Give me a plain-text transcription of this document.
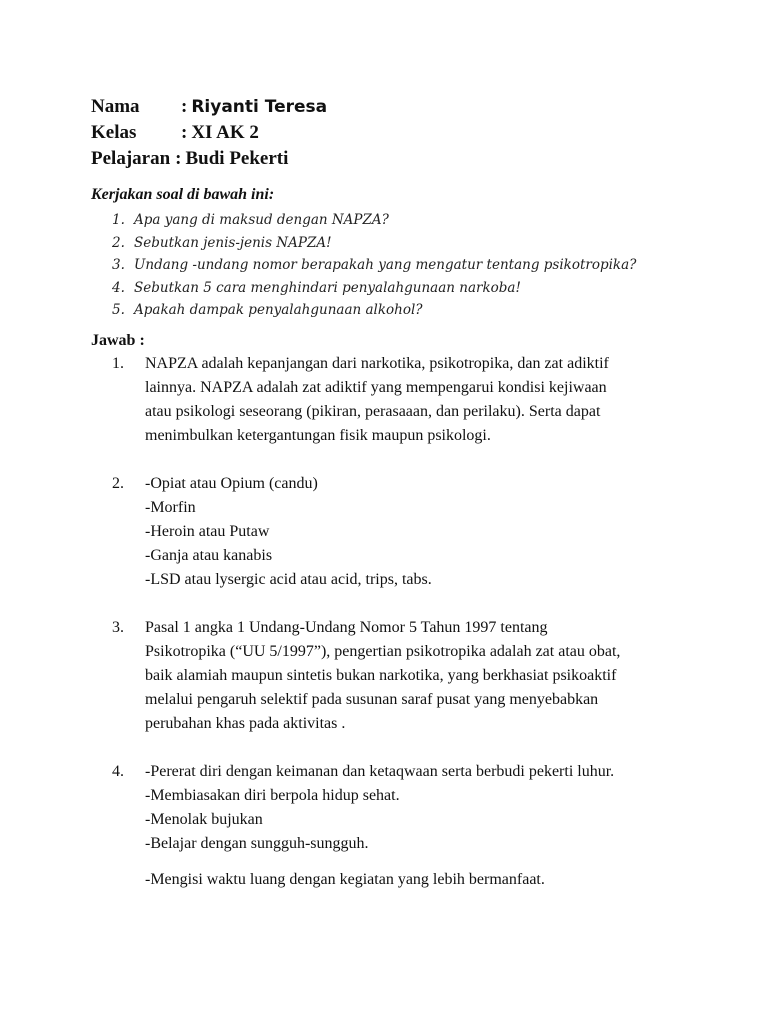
Nama	: Riyanti Teresa
Kelas	: XI AK 2
Pelajaran : Budi Pekerti
Kerjakan soal di bawah ini:
1. Apa yang di maksud dengan NAPZA?
2. Sebutkan jenis-jenis NAPZA!
3. Undang -undang nomor berapakah yang mengatur tentang psikotropika?
4. Sebutkan 5 cara menghindari penyalahgunaan narkoba!
5. Apakah dampak penyalahgunaan alkohol?
Jawab :
1.	NAPZA adalah kepanjangan dari narkotika, psikotropika, dan zat adiktif
lainnya. NAPZA adalah zat adiktif yang mempengarui kondisi kejiwaan
atau psikologi seseorang (pikiran, perasaaan, dan perilaku). Serta dapat
menimbulkan ketergantungan fisik maupun psikologi.
2.	-Opiat atau Opium (candu)
-Morfin
-Heroin atau Putaw
-Ganja atau kanabis
-LSD atau lysergic acid atau acid, trips, tabs.
3.	Pasal 1 angka 1 Undang-Undang Nomor 5 Tahun 1997 tentang
Psikotropika (“UU 5/1997”), pengertian psikotropika adalah zat atau obat,
baik alamiah maupun sintetis bukan narkotika, yang berkhasiat psikoaktif
melalui pengaruh selektif pada susunan saraf pusat yang menyebabkan
perubahan khas pada aktivitas .
4.	-Pererat diri dengan keimanan dan ketaqwaan serta berbudi pekerti luhur.
-Membiasakan diri berpola hidup sehat.
-Menolak bujukan
-Belajar dengan sungguh-sungguh.
-Mengisi waktu luang dengan kegiatan yang lebih bermanfaat.
